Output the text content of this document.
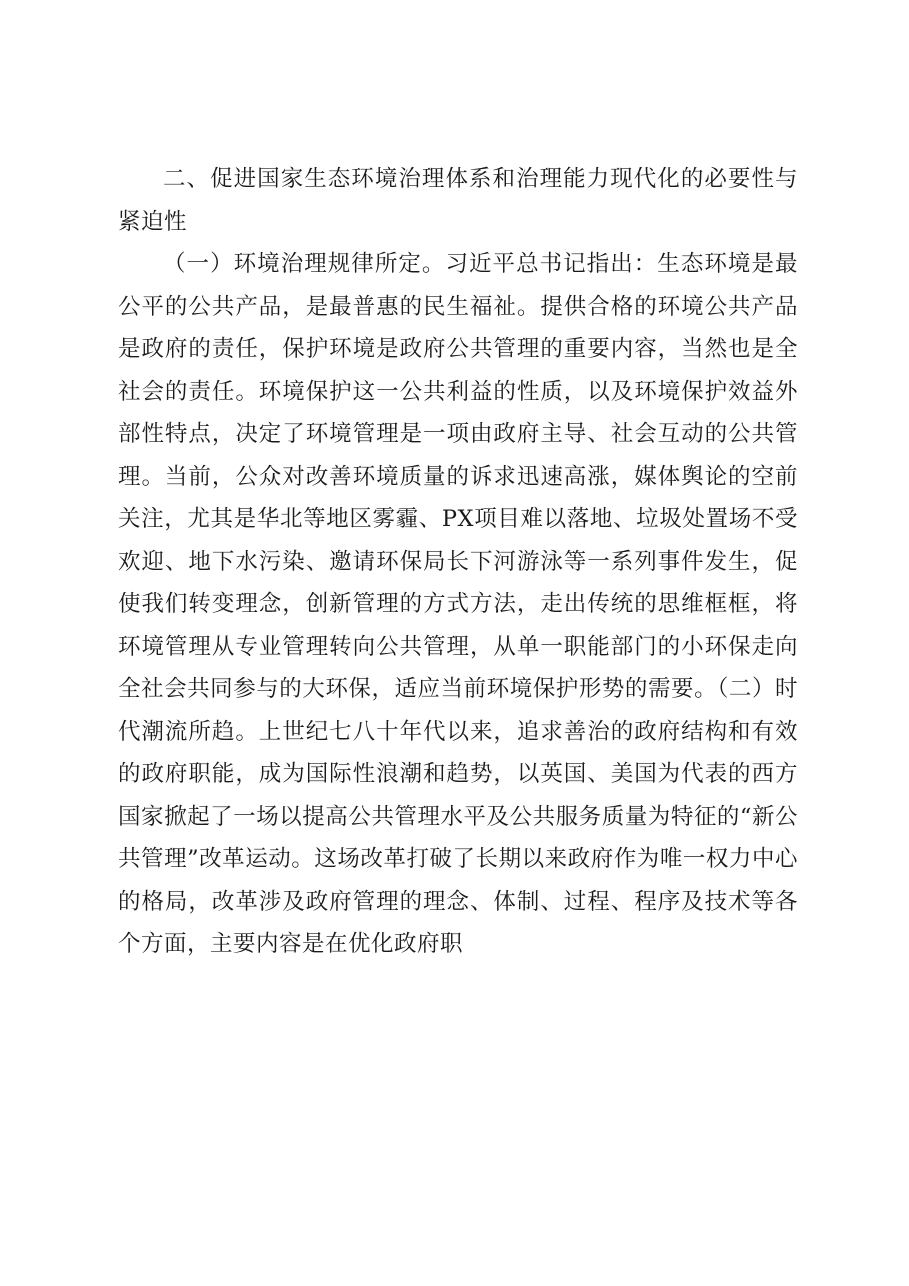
二、促进国家生态环境治理体系和治理能力现代化的必要性与紧迫性

（一）环境治理规律所定。习近平总书记指出：生态环境是最公平的公共产品，是最普惠的民生福祉。提供合格的环境公共产品是政府的责任，保护环境是政府公共管理的重要内容，当然也是全社会的责任。环境保护这一公共利益的性质，以及环境保护效益外部性特点，决定了环境管理是一项由政府主导、社会互动的公共管理。当前，公众对改善环境质量的诉求迅速高涨，媒体舆论的空前关注，尤其是华北等地区雾霾、PX项目难以落地、垃圾处置场不受欢迎、地下水污染、邀请环保局长下河游泳等一系列事件发生，促使我们转变理念，创新管理的方式方法，走出传统的思维框框，将环境管理从专业管理转向公共管理，从单一职能部门的小环保走向全社会共同参与的大环保，适应当前环境保护形势的需要。（二）时代潮流所趋。上世纪七八十年代以来，追求善治的政府结构和有效的政府职能，成为国际性浪潮和趋势，以英国、美国为代表的西方国家掀起了一场以提高公共管理水平及公共服务质量为特征的“新公共管理”改革运动。这场改革打破了长期以来政府作为唯一权力中心的格局，改革涉及政府管理的理念、体制、过程、程序及技术等各个方面，主要内容是在优化政府职
